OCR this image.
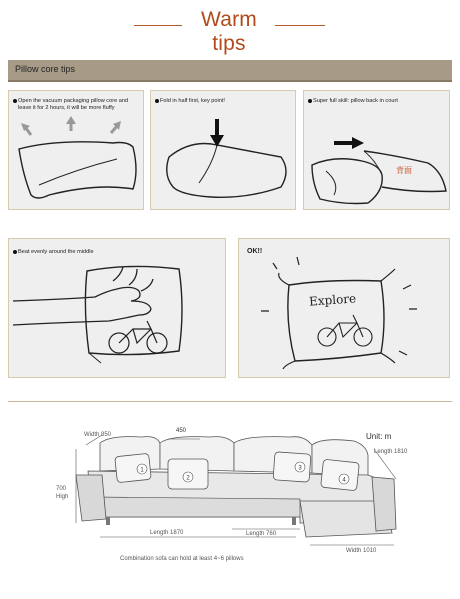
Warm tips
Pillow core tips
Open the vacuum packaging pillow core and leave it for 2 hours, it will be more fluffy
Fold in half first, key point!	Super full skill: pillow back in court
背面
Beat evenly around the middle	OK!!
Explore
1
2
3
4
Width 850
450
700
High
Unit: m
Length 1810
Length 1870	Length 760
Width 1010
Combination sofa can hold at least 4~6 pillows
